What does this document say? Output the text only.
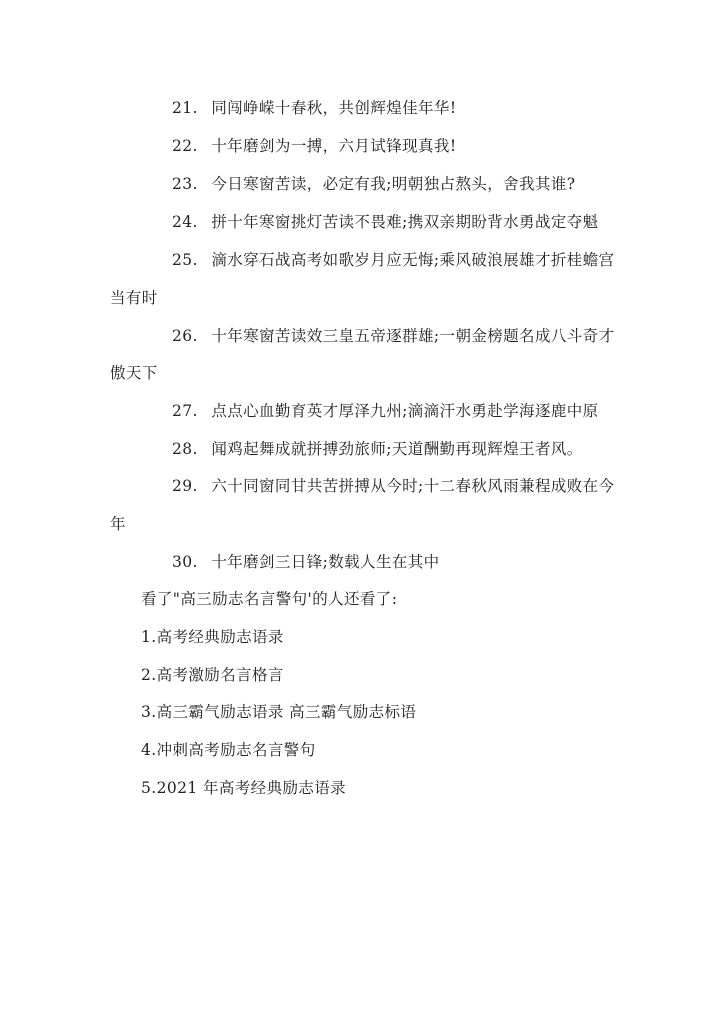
21. 同闯峥嵘十春秋，共创辉煌佳年华!
22. 十年磨剑为一搏，六月试锋现真我!
23. 今日寒窗苦读，必定有我;明朝独占熬头，舍我其谁?
24. 拼十年寒窗挑灯苦读不畏难;携双亲期盼背水勇战定夺魁
25. 滴水穿石战高考如歌岁月应无悔;乘风破浪展雄才折桂蟾宫
当有时
26. 十年寒窗苦读效三皇五帝逐群雄;一朝金榜题名成八斗奇才
傲天下
27. 点点心血勤育英才厚泽九州;滴滴汗水勇赴学海逐鹿中原
28. 闻鸡起舞成就拼搏劲旅师;天道酬勤再现辉煌王者风。
29. 六十同窗同甘共苦拼搏从今时;十二春秋风雨兼程成败在今
年
30. 十年磨剑三日锋;数载人生在其中
看了"高三励志名言警句'的人还看了:
1.高考经典励志语录
2.高考激励名言格言
3.高三霸气励志语录 高三霸气励志标语
4.冲刺高考励志名言警句
5.2021 年高考经典励志语录
